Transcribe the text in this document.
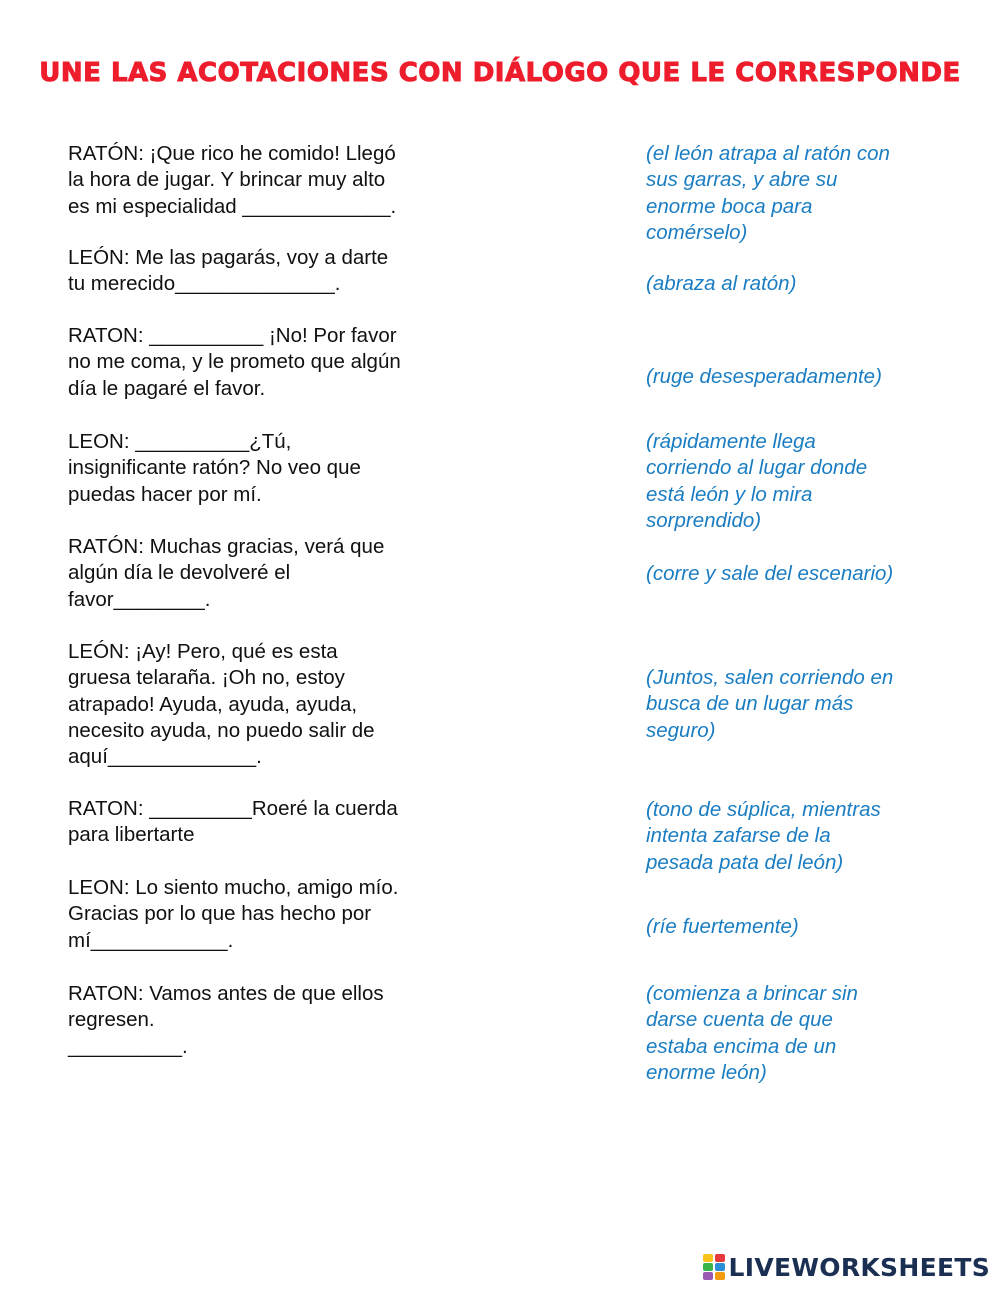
UNE LAS ACOTACIONES CON DIÁLOGO QUE LE CORRESPONDE

RATÓN: ¡Que rico he comido! Llegó
la hora de jugar. Y brincar muy alto
es mi especialidad _____________.

LEÓN: Me las pagarás, voy a darte
tu merecido______________.

RATON: __________ ¡No! Por favor
no me coma, y le prometo que algún
día le pagaré el favor.

LEON: __________¿Tú,
insignificante ratón? No veo que
puedas hacer por mí.

RATÓN: Muchas gracias, verá que
algún día le devolveré el
favor________.

LEÓN: ¡Ay! Pero, qué es esta
gruesa telaraña. ¡Oh no, estoy
atrapado! Ayuda, ayuda, ayuda,
necesito ayuda, no puedo salir de
aquí_____________.

RATON: _________Roeré la cuerda
para libertarte

LEON: Lo siento mucho, amigo mío.
Gracias por lo que has hecho por
mí____________.

RATON: Vamos antes de que ellos
regresen.
__________.

(el león atrapa al ratón con
sus garras, y abre su
enorme boca para
comérselo)

(abraza al ratón)

(ruge desesperadamente)

(rápidamente llega
corriendo al lugar donde
está león y lo mira
sorprendido)

(corre y sale del escenario)

(Juntos, salen corriendo en
busca de un lugar más
seguro)

(tono de súplica, mientras
intenta zafarse de la
pesada pata del león)

(ríe fuertemente)

(comienza a brincar sin
darse cuenta de que
estaba encima de un
enorme león)

LIVEWORKSHEETS
